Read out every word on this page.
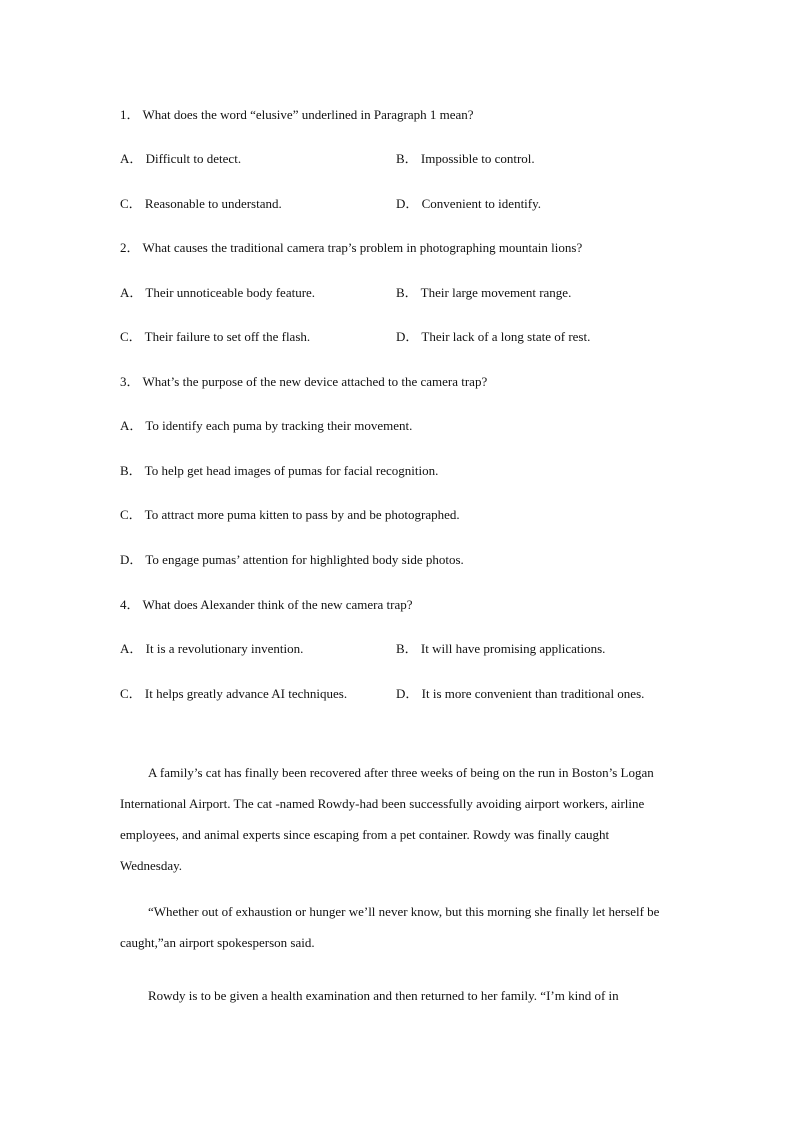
1． What does the word “elusive” underlined in Paragraph 1 mean?
A． Difficult to detect.	B． Impossible to control.
C． Reasonable to understand.	D． Convenient to identify.
2． What causes the traditional camera trap’s problem in photographing mountain lions?
A． Their unnoticeable body feature.	B． Their large movement range.
C． Their failure to set off the flash.	D． Their lack of a long state of rest.
3． What’s the purpose of the new device attached to the camera trap?
A． To identify each puma by tracking their movement.
B． To help get head images of pumas for facial recognition.
C． To attract more puma kitten to pass by and be photographed.
D． To engage pumas’ attention for highlighted body side photos.
4． What does Alexander think of the new camera trap?
A． It is a revolutionary invention.	B． It will have promising applications.
C． It helps greatly advance AI techniques.	D． It is more convenient than traditional ones.

A family’s cat has finally been recovered after three weeks of being on the run in Boston’s Logan International Airport. The cat -named Rowdy-had been successfully avoiding airport workers, airline employees, and animal experts since escaping from a pet container. Rowdy was finally caught Wednesday.

“Whether out of exhaustion or hunger we’ll never know, but this morning she finally let herself be caught,”an airport spokesperson said.

Rowdy is to be given a health examination and then returned to her family. “I’m kind of in
